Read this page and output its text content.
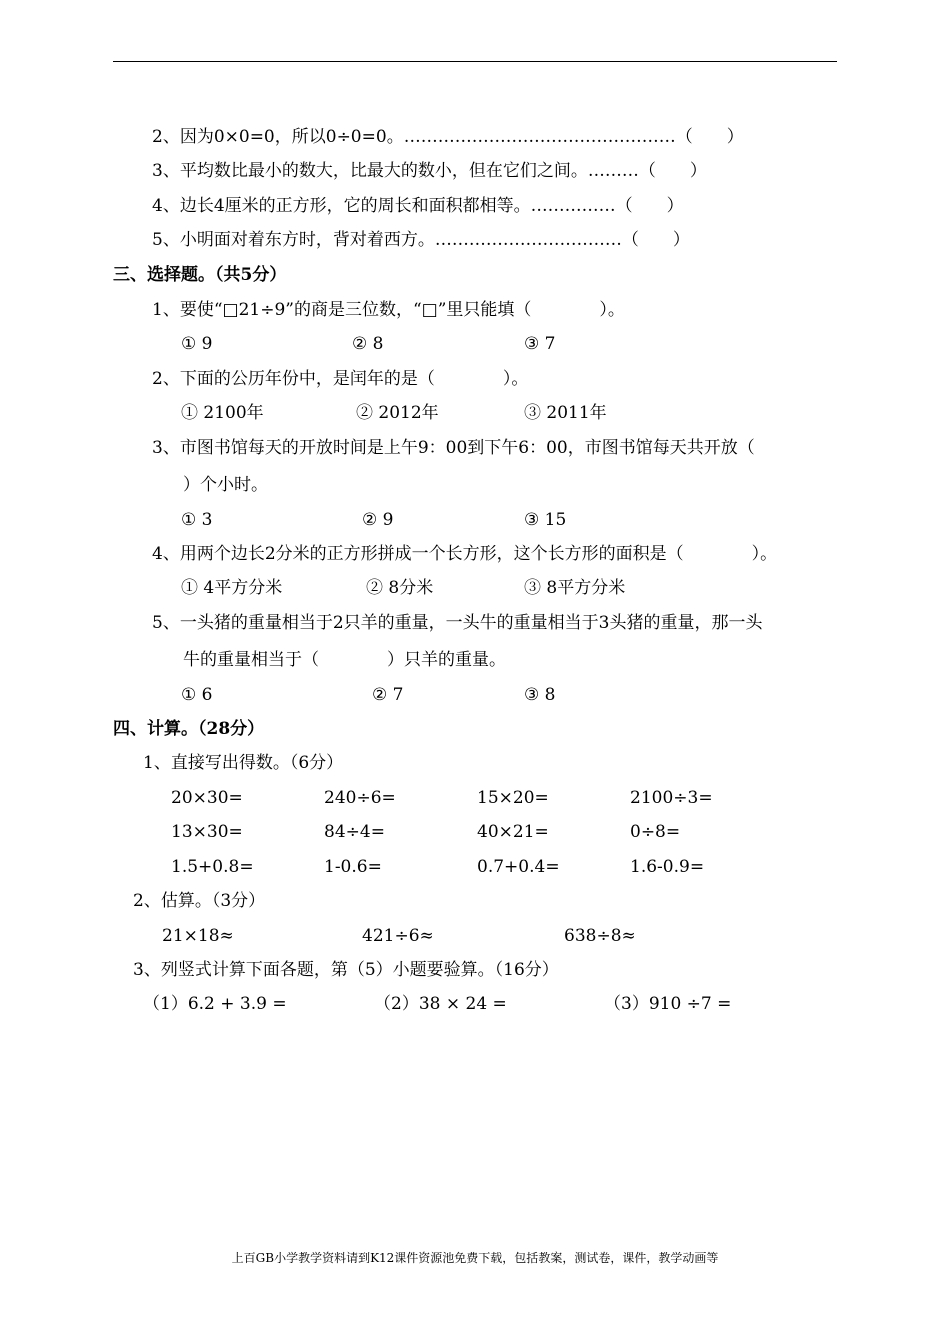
2、因为0×0=0，所以0÷0=0。…………………………………………（　　）
3、平均数比最小的数大，比最大的数小，但在它们之间。………（　　）
4、边长4厘米的正方形，它的周长和面积都相等。……………（　　）
5、小明面对着东方时，背对着西方。……………………………（　　）
三、选择题。（共5分）
1、要使“□21÷9”的商是三位数，“□”里只能填（　　　　）。
① 9	② 8	③ 7
2、下面的公历年份中，是闰年的是（　　　　）。
① 2100年	② 2012年	③ 2011年
3、市图书馆每天的开放时间是上午9：00到下午6：00，市图书馆每天共开放（
）个小时。
① 3	② 9	③ 15
4、用两个边长2分米的正方形拼成一个长方形，这个长方形的面积是（　　　　）。
① 4平方分米	② 8分米	③ 8平方分米
5、一头猪的重量相当于2只羊的重量，一头牛的重量相当于3头猪的重量，那一头
牛的重量相当于（　　　　）只羊的重量。
① 6	② 7	③ 8
四、计算。（28分）
1、直接写出得数。（6分）
20×30=	240÷6=	15×20=	2100÷3=
13×30=	84÷4=	40×21=	0÷8=
1.5+0.8=	1-0.6=	0.7+0.4=	1.6-0.9=
2、估算。（3分）
21×18≈	421÷6≈	638÷8≈
3、列竖式计算下面各题，第（5）小题要验算。（16分）
（1）6.2 + 3.9 =	（2）38 × 24 =	（3）910 ÷7 =
上百GB小学教学资料请到K12课件资源池免费下载，包括教案，测试卷，课件，教学动画等
